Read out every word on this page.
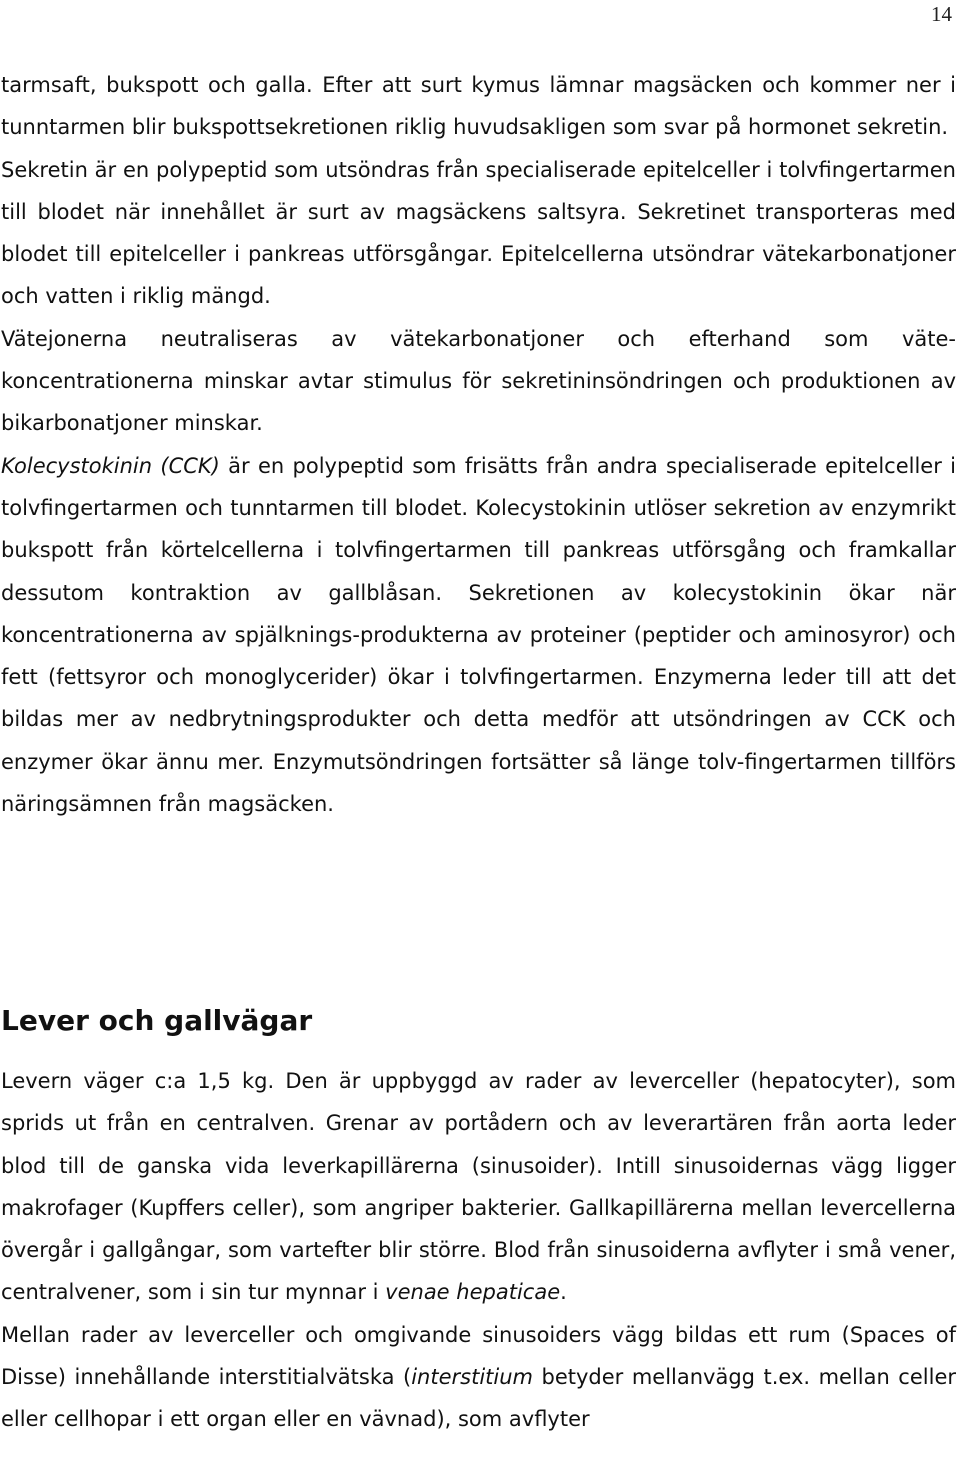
14

tarmsaft, bukspott och galla. Efter att surt kymus lämnar magsäcken och kommer ner i tunntarmen blir bukspottsekretionen riklig huvudsakligen som svar på hormonet sekretin.

Sekretin är en polypeptid som utsöndras från specialiserade epitelceller i tolvfingertarmen till blodet när innehållet är surt av magsäckens saltsyra. Sekretinet transporteras med blodet till epitelceller i pankreas utförsgångar. Epitelcellerna utsöndrar vätekarbonatjoner och vatten i riklig mängd.

Vätejonerna neutraliseras av vätekarbonatjoner och efterhand som väte-koncentrationerna minskar avtar stimulus för sekretininsöndringen och produktionen av bikarbonatjoner minskar.

Kolecystokinin (CCK) är en polypeptid som frisätts från andra specialiserade epitelceller i tolvfingertarmen och tunntarmen till blodet. Kolecystokinin utlöser sekretion av enzymrikt bukspott från körtelcellerna i tolvfingertarmen till pankreas utförsgång och framkallar dessutom kontraktion av gallblåsan. Sekretionen av kolecystokinin ökar när koncentrationerna av spjälknings-produkterna av proteiner (peptider och aminosyror) och fett (fettsyror och monoglycerider) ökar i tolvfingertarmen. Enzymerna leder till att det bildas mer av nedbrytningsprodukter och detta medför att utsöndringen av CCK och enzymer ökar ännu mer. Enzymutsöndringen fortsätter så länge tolv-fingertarmen tillförs näringsämnen från magsäcken.

Lever och gallvägar

Levern väger c:a 1,5 kg. Den är uppbyggd av rader av leverceller (hepatocyter), som sprids ut från en centralven. Grenar av portådern och av leverartären från aorta leder blod till de ganska vida leverkapillärerna (sinusoider). Intill sinusoidernas vägg ligger makrofager (Kupffers celler), som angriper bakterier. Gallkapillärerna mellan levercellerna övergår i gallgångar, som vartefter blir större. Blod från sinusoiderna avflyter i små vener, centralvener, som i sin tur mynnar i venae hepaticae.

Mellan rader av leverceller och omgivande sinusoiders vägg bildas ett rum (Spaces of Disse) innehållande interstitialvätska (interstitium betyder mellanvägg t.ex. mellan celler eller cellhopar i ett organ eller en vävnad), som avflyter
